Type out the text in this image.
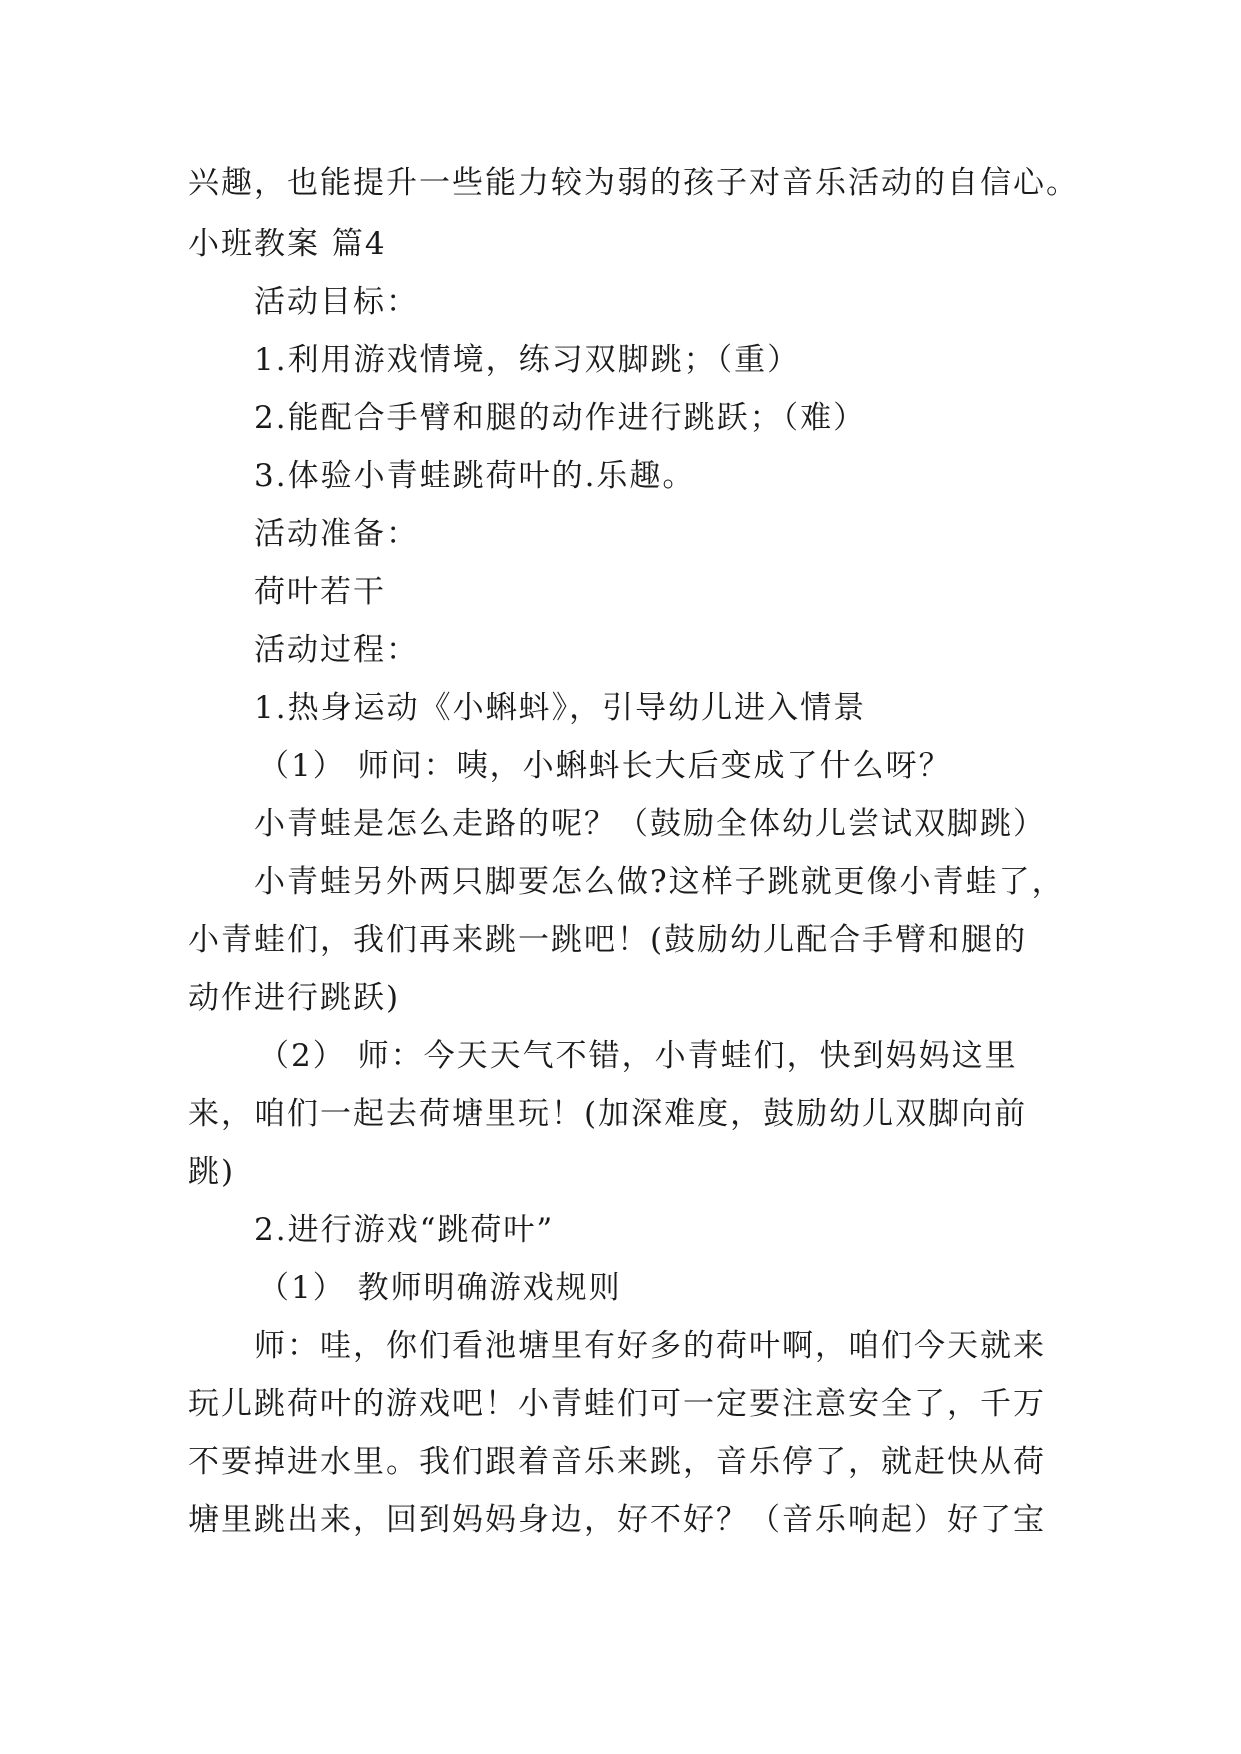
兴趣，也能提升一些能力较为弱的孩子对音乐活动的自信心。
小班教案 篇4
活动目标：
1.利用游戏情境，练习双脚跳；（重）
2.能配合手臂和腿的动作进行跳跃；（难）
3.体验小青蛙跳荷叶的.乐趣。
活动准备：
荷叶若干
活动过程：
1.热身运动《小蝌蚪》，引导幼儿进入情景
（1） 师问：咦，小蝌蚪长大后变成了什么呀？
小青蛙是怎么走路的呢？（鼓励全体幼儿尝试双脚跳）
小青蛙另外两只脚要怎么做?这样子跳就更像小青蛙了，
小青蛙们，我们再来跳一跳吧！(鼓励幼儿配合手臂和腿的
动作进行跳跃)
（2） 师：今天天气不错，小青蛙们，快到妈妈这里
来，咱们一起去荷塘里玩！(加深难度，鼓励幼儿双脚向前
跳)
2.进行游戏“跳荷叶”
（1） 教师明确游戏规则
师：哇，你们看池塘里有好多的荷叶啊，咱们今天就来
玩儿跳荷叶的游戏吧！小青蛙们可一定要注意安全了，千万
不要掉进水里。我们跟着音乐来跳，音乐停了，就赶快从荷
塘里跳出来，回到妈妈身边，好不好？（音乐响起）好了宝
